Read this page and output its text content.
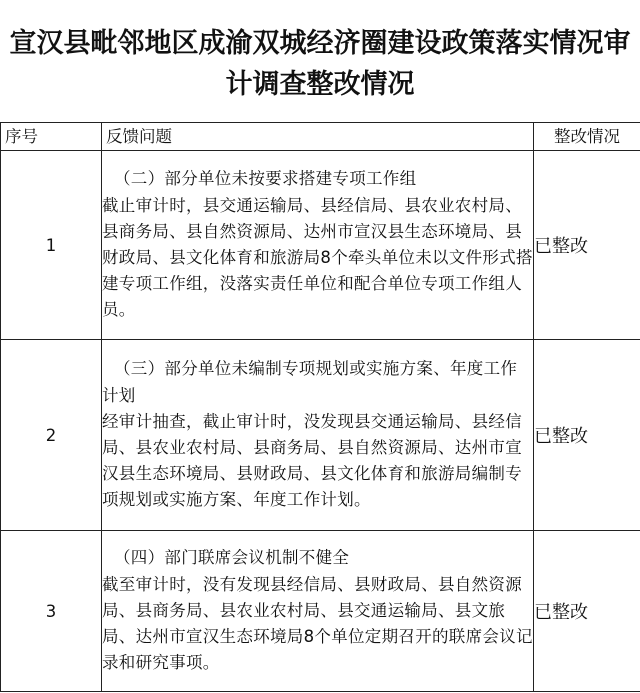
宣汉县毗邻地区成渝双城经济圈建设政策落实情况审计调查整改情况
序号	反馈问题	整改情况
1	（二）部分单位未按要求搭建专项工作组
截止审计时，县交通运输局、县经信局、县农业农村局、县商务局、县自然资源局、达州市宣汉县生态环境局、县财政局、县文化体育和旅游局8个牵头单位未以文件形式搭建专项工作组，没落实责任单位和配合单位专项工作组人员。	已整改
2	（三）部分单位未编制专项规划或实施方案、年度工作计划
经审计抽查，截止审计时，没发现县交通运输局、县经信局、县农业农村局、县商务局、县自然资源局、达州市宣汉县生态环境局、县财政局、县文化体育和旅游局编制专项规划或实施方案、年度工作计划。	已整改
3	（四）部门联席会议机制不健全
截至审计时，没有发现县经信局、县财政局、县自然资源局、县商务局、县农业农村局、县交通运输局、县文旅局、达州市宣汉生态环境局8个单位定期召开的联席会议记录和研究事项。	已整改
